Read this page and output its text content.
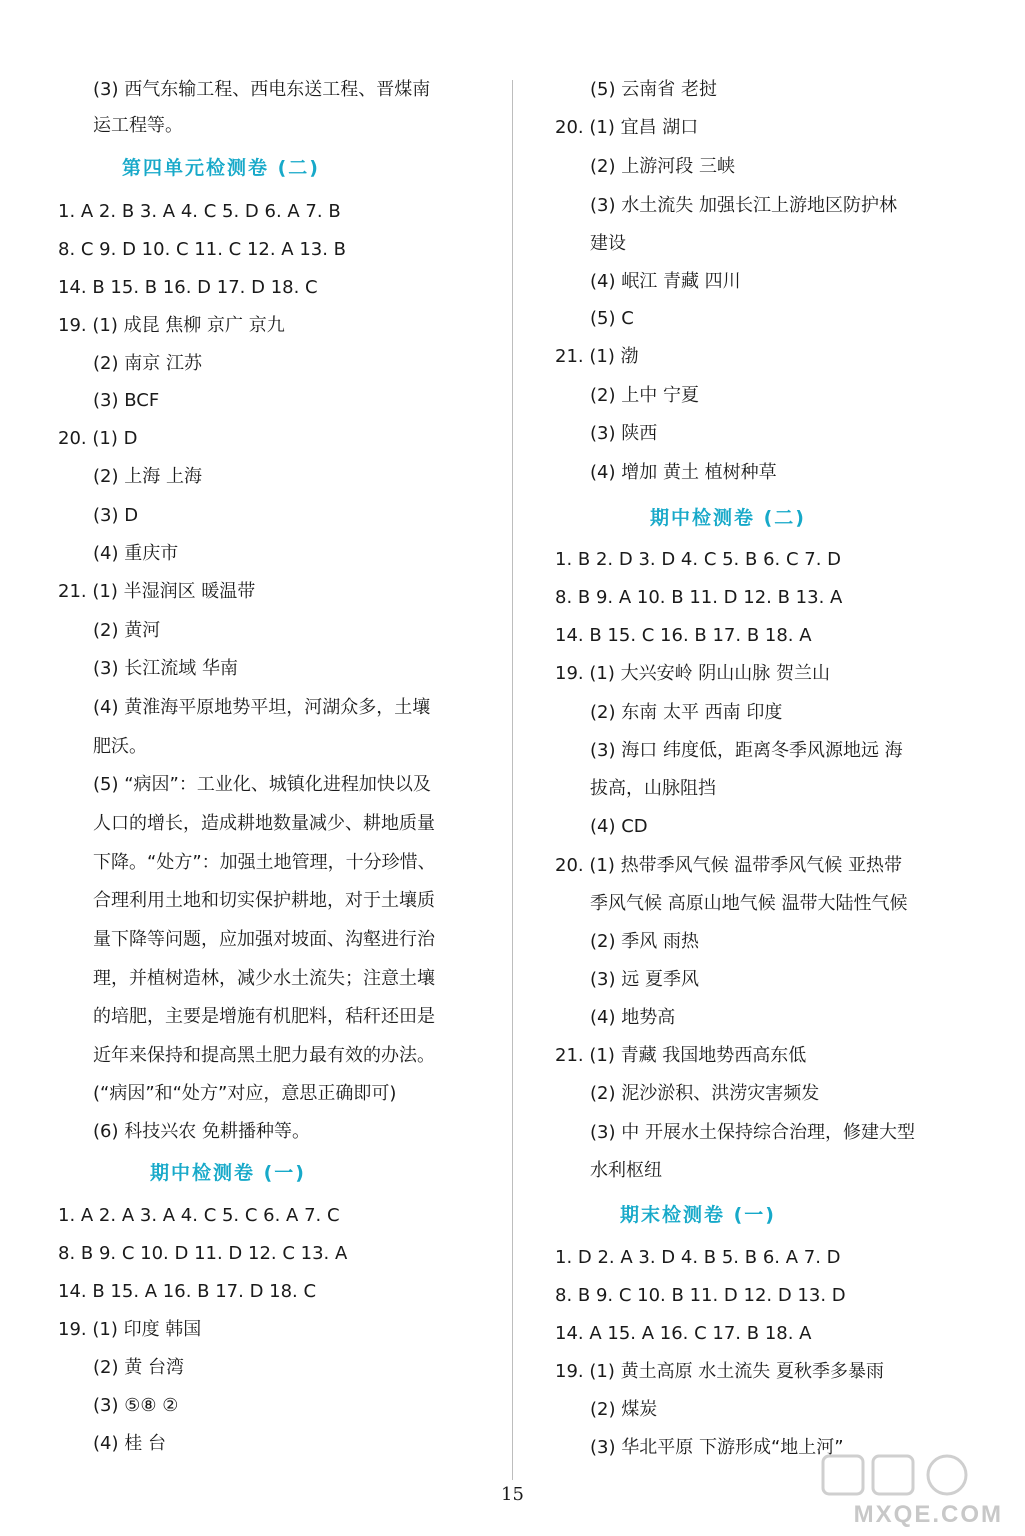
(3) 西气东输工程、西电东送工程、晋煤南
运工程等。
第四单元检测卷 (二)
1. A 2. B 3. A 4. C 5. D 6. A 7. B
8. C 9. D 10. C 11. C 12. A 13. B
14. B 15. B 16. D 17. D 18. C
19. (1) 成昆 焦柳 京广 京九
(2) 南京 江苏
(3) BCF
20. (1) D
(2) 上海 上海
(3) D
(4) 重庆市
21. (1) 半湿润区 暖温带
(2) 黄河
(3) 长江流域 华南
(4) 黄淮海平原地势平坦，河湖众多，土壤
肥沃。
(5) “病因”：工业化、城镇化进程加快以及
人口的增长，造成耕地数量减少、耕地质量
下降。“处方”：加强土地管理，十分珍惜、
合理利用土地和切实保护耕地，对于土壤质
量下降等问题，应加强对坡面、沟壑进行治
理，并植树造林，减少水土流失；注意土壤
的培肥，主要是增施有机肥料，秸秆还田是
近年来保持和提高黑土肥力最有效的办法。
(“病因”和“处方”对应，意思正确即可)
(6) 科技兴农 免耕播种等。
期中检测卷 (一)
1. A 2. A 3. A 4. C 5. C 6. A 7. C
8. B 9. C 10. D 11. D 12. C 13. A
14. B 15. A 16. B 17. D 18. C
19. (1) 印度 韩国
(2) 黄 台湾
(3) ⑤⑧ ②
(4) 桂 台
(5) 云南省 老挝
20. (1) 宜昌 湖口
(2) 上游河段 三峡
(3) 水土流失 加强长江上游地区防护林
建设
(4) 岷江 青藏 四川
(5) C
21. (1) 渤
(2) 上中 宁夏
(3) 陕西
(4) 增加 黄土 植树种草
期中检测卷 (二)
1. B 2. D 3. D 4. C 5. B 6. C 7. D
8. B 9. A 10. B 11. D 12. B 13. A
14. B 15. C 16. B 17. B 18. A
19. (1) 大兴安岭 阴山山脉 贺兰山
(2) 东南 太平 西南 印度
(3) 海口 纬度低，距离冬季风源地远 海
拔高，山脉阻挡
(4) CD
20. (1) 热带季风气候 温带季风气候 亚热带
季风气候 高原山地气候 温带大陆性气候
(2) 季风 雨热
(3) 远 夏季风
(4) 地势高
21. (1) 青藏 我国地势西高东低
(2) 泥沙淤积、洪涝灾害频发
(3) 中 开展水土保持综合治理，修建大型
水利枢纽
期末检测卷 (一)
1. D 2. A 3. D 4. B 5. B 6. A 7. D
8. B 9. C 10. B 11. D 12. D 13. D
14. A 15. A 16. C 17. B 18. A
19. (1) 黄土高原 水土流失 夏秋季多暴雨
(2) 煤炭
(3) 华北平原 下游形成“地上河”
15
MXQE.COM
